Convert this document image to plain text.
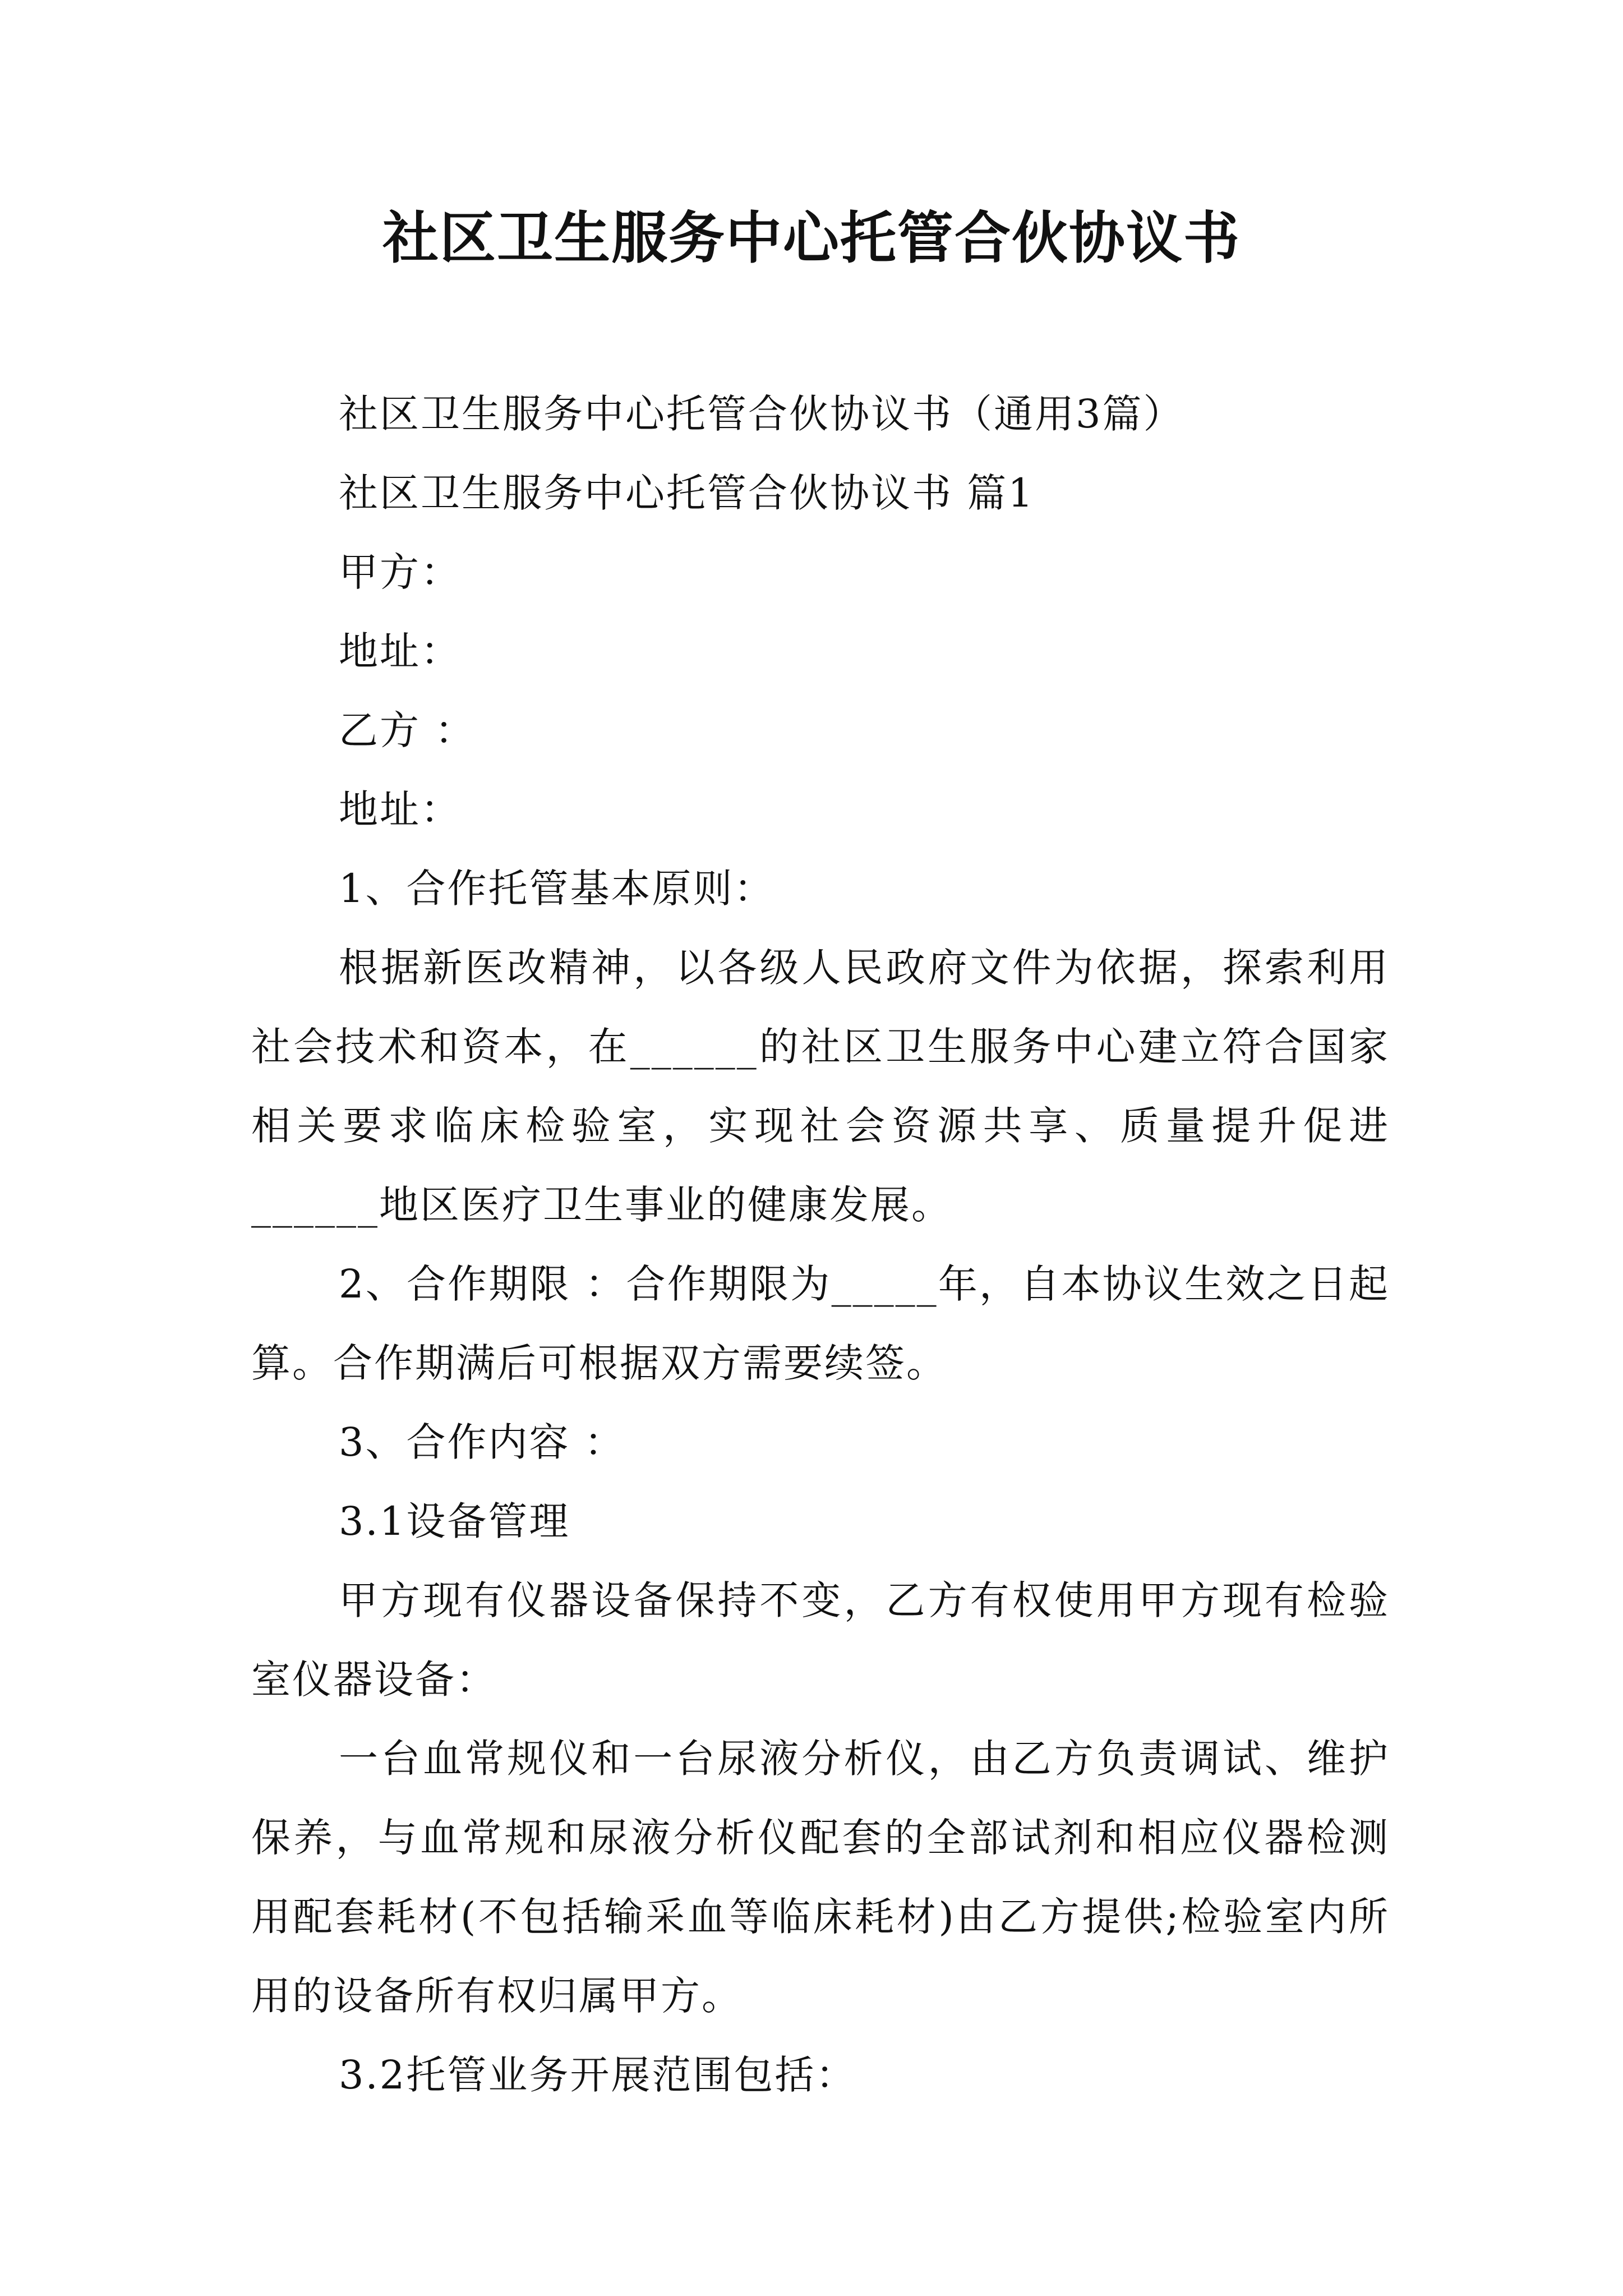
社区卫生服务中心托管合伙协议书

社区卫生服务中心托管合伙协议书（通用3篇）

社区卫生服务中心托管合伙协议书 篇1

甲方：

地址：

乙方 ：

地址：

1、合作托管基本原则：

根据新医改精神，以各级人民政府文件为依据，探索利用社会技术和资本，在______的社区卫生服务中心建立符合国家相关要求临床检验室，实现社会资源共享、质量提升促进______地区医疗卫生事业的健康发展。

2、合作期限 ：合作期限为_____年，自本协议生效之日起算。合作期满后可根据双方需要续签。

3、合作内容 ：

3.1设备管理

甲方现有仪器设备保持不变，乙方有权使用甲方现有检验室仪器设备：

一台血常规仪和一台尿液分析仪，由乙方负责调试、维护保养，与血常规和尿液分析仪配套的全部试剂和相应仪器检测用配套耗材(不包括输采血等临床耗材)由乙方提供;检验室内所用的设备所有权归属甲方。

3.2托管业务开展范围包括：
